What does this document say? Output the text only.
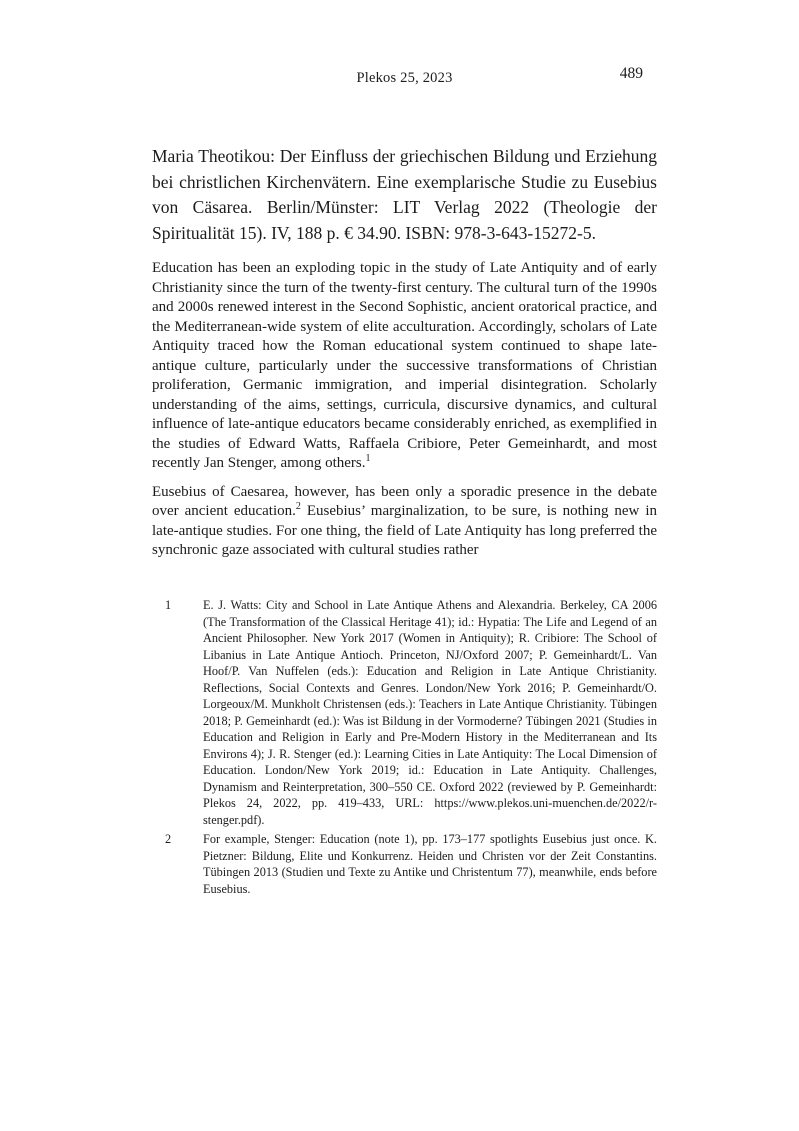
Plekos 25, 2023	489

Maria Theotikou: Der Einfluss der griechischen Bildung und Erziehung bei christlichen Kirchenvätern. Eine exemplarische Studie zu Eusebius von Cäsarea. Berlin/Münster: LIT Verlag 2022 (Theologie der Spiritualität 15). IV, 188 p. € 34.90. ISBN: 978-3-643-15272-5.

Education has been an exploding topic in the study of Late Antiquity and of early Christianity since the turn of the twenty-first century. The cultural turn of the 1990s and 2000s renewed interest in the Second Sophistic, ancient oratorical practice, and the Mediterranean-wide system of elite acculturation. Accordingly, scholars of Late Antiquity traced how the Roman educational system continued to shape late-antique culture, particularly under the successive transformations of Christian proliferation, Germanic immigration, and imperial disintegration. Scholarly understanding of the aims, settings, curricula, discursive dynamics, and cultural influence of late-antique educators became considerably enriched, as exemplified in the studies of Edward Watts, Raffaela Cribiore, Peter Gemeinhardt, and most recently Jan Stenger, among others.$^1$

Eusebius of Caesarea, however, has been only a sporadic presence in the debate over ancient education.$^2$ Eusebius’ marginalization, to be sure, is nothing new in late-antique studies. For one thing, the field of Late Antiquity has long preferred the synchronic gaze associated with cultural studies rather

1	E. J. Watts: City and School in Late Antique Athens and Alexandria. Berkeley, CA 2006 (The Transformation of the Classical Heritage 41); id.: Hypatia: The Life and Legend of an Ancient Philosopher. New York 2017 (Women in Antiquity); R. Cribiore: The School of Libanius in Late Antique Antioch. Princeton, NJ/Oxford 2007; P. Gemeinhardt/L. Van Hoof/P. Van Nuffelen (eds.): Education and Religion in Late Antique Christianity. Reflections, Social Contexts and Genres. London/New York 2016; P. Gemeinhardt/O. Lorgeoux/M. Munkholt Christensen (eds.): Teachers in Late Antique Christianity. Tübingen 2018; P. Gemeinhardt (ed.): Was ist Bildung in der Vormoderne? Tübingen 2021 (Studies in Education and Religion in Early and Pre-Modern History in the Mediterranean and Its Environs 4); J. R. Stenger (ed.): Learning Cities in Late Antiquity: The Local Dimension of Education. London/New York 2019; id.: Education in Late Antiquity. Challenges, Dynamism and Reinterpretation, 300–550 CE. Oxford 2022 (reviewed by P. Gemeinhardt: Plekos 24, 2022, pp. 419–433, URL: https://www.plekos.uni-muenchen.de/2022/r-stenger.pdf).
2	For example, Stenger: Education (note 1), pp. 173–177 spotlights Eusebius just once. K. Pietzner: Bildung, Elite und Konkurrenz. Heiden und Christen vor der Zeit Constantins. Tübingen 2013 (Studien und Texte zu Antike und Christentum 77), meanwhile, ends before Eusebius.
